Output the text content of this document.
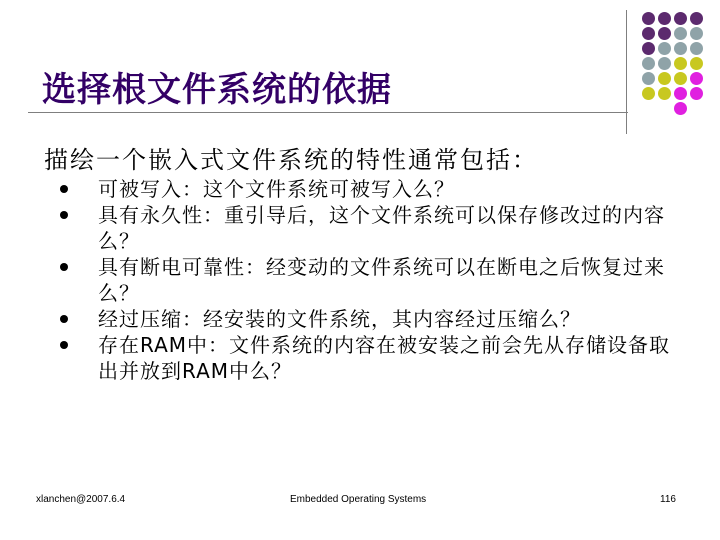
选择根文件系统的依据
描绘一个嵌入式文件系统的特性通常包括：
可被写入：这个文件系统可被写入么？
具有永久性：重引导后，这个文件系统可以保存修改过的内容么？
具有断电可靠性：经变动的文件系统可以在断电之后恢复过来么？
经过压缩：经安装的文件系统，其内容经过压缩么？
存在RAM中：文件系统的内容在被安装之前会先从存储设备取出并放到RAM中么？
xlanchen@2007.6.4	Embedded Operating Systems	116
